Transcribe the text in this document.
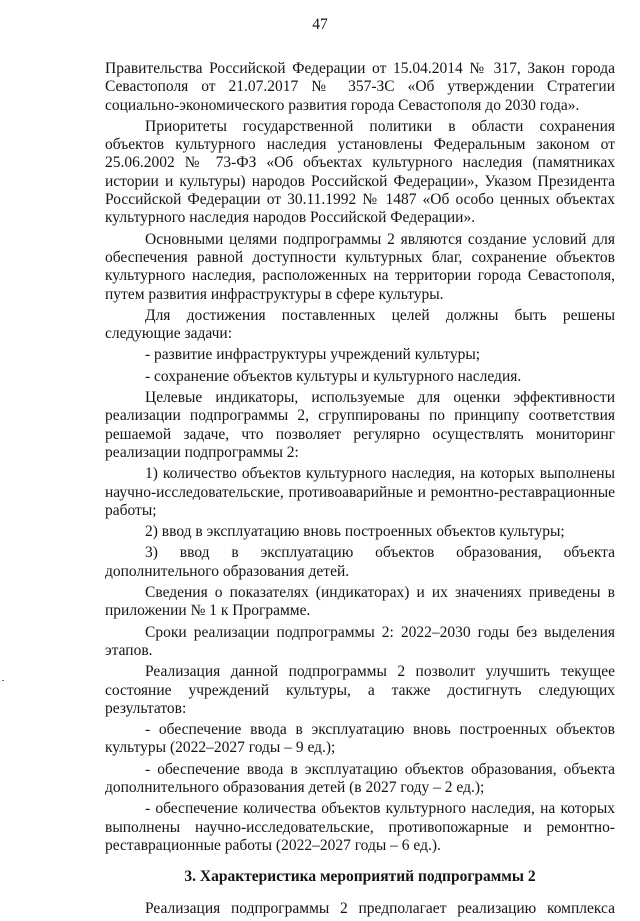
47

Правительства Российской Федерации от 15.04.2014 № 317, Закон города Севастополя от 21.07.2017 № 357-ЗС «Об утверждении Стратегии социально-экономического развития города Севастополя до 2030 года».

Приоритеты государственной политики в области сохранения объектов культурного наследия установлены Федеральным законом от 25.06.2002 № 73-ФЗ «Об объектах культурного наследия (памятниках истории и культуры) народов Российской Федерации», Указом Президента Российской Федерации от 30.11.1992 № 1487 «Об особо ценных объектах культурного наследия народов Российской Федерации».

Основными целями подпрограммы 2 являются создание условий для обеспечения равной доступности культурных благ, сохранение объектов культурного наследия, расположенных на территории города Севастополя, путем развития инфраструктуры в сфере культуры.

Для достижения поставленных целей должны быть решены следующие задачи:

- развитие инфраструктуры учреждений культуры;

- сохранение объектов культуры и культурного наследия.

Целевые индикаторы, используемые для оценки эффективности реализации подпрограммы 2, сгруппированы по принципу соответствия решаемой задаче, что позволяет регулярно осуществлять мониторинг реализации подпрограммы 2:

1) количество объектов культурного наследия, на которых выполнены научно-исследовательские, противоаварийные и ремонтно-реставрационные работы;

2) ввод в эксплуатацию вновь построенных объектов культуры;

3) ввод в эксплуатацию объектов образования, объекта дополнительного образования детей.

Сведения о показателях (индикаторах) и их значениях приведены в приложении № 1 к Программе.

Сроки реализации подпрограммы 2: 2022–2030 годы без выделения этапов.

Реализация данной подпрограммы 2 позволит улучшить текущее состояние учреждений культуры, а также достигнуть следующих результатов:

- обеспечение ввода в эксплуатацию вновь построенных объектов культуры (2022–2027 годы – 9 ед.);

- обеспечение ввода в эксплуатацию объектов образования, объекта дополнительного образования детей (в 2027 году – 2 ед.);

- обеспечение количества объектов культурного наследия, на которых выполнены научно-исследовательские, противопожарные и ремонтно-реставрационные работы (2022–2027 годы – 6 ед.).

3. Характеристика мероприятий подпрограммы 2

Реализация подпрограммы 2 предполагает реализацию комплекса
